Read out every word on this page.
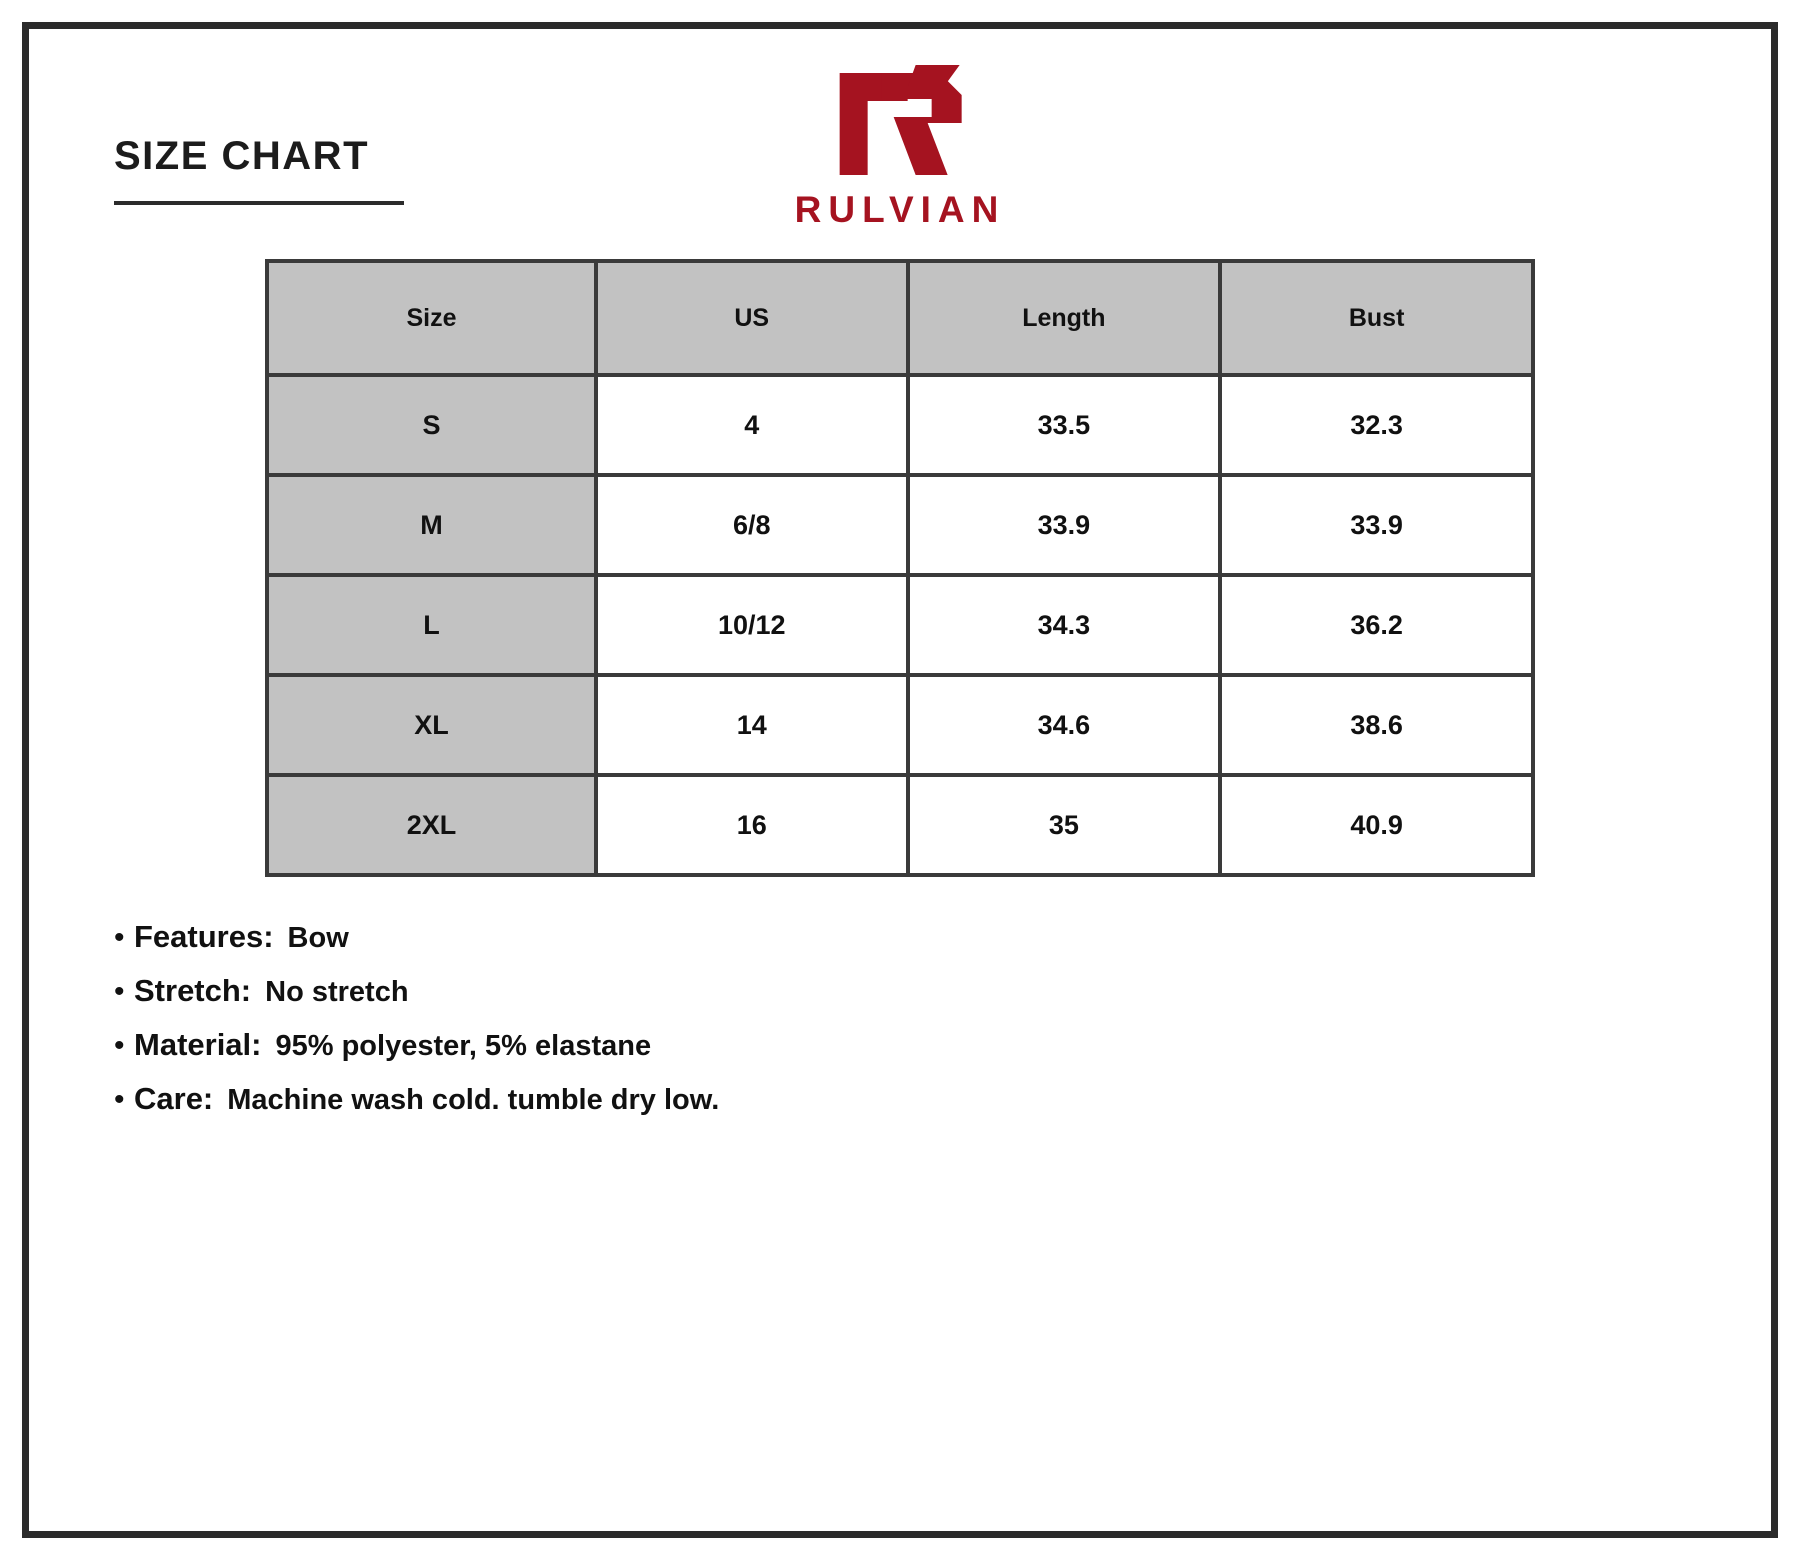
SIZE CHART
RULVIAN
Size	US	Length	Bust
S	4	33.5	32.3
M	6/8	33.9	33.9
L	10/12	34.3	36.2
XL	14	34.6	38.6
2XL	16	35	40.9
• Features: Bow
• Stretch: No stretch
• Material: 95% polyester, 5% elastane
• Care: Machine wash cold. tumble dry low.
